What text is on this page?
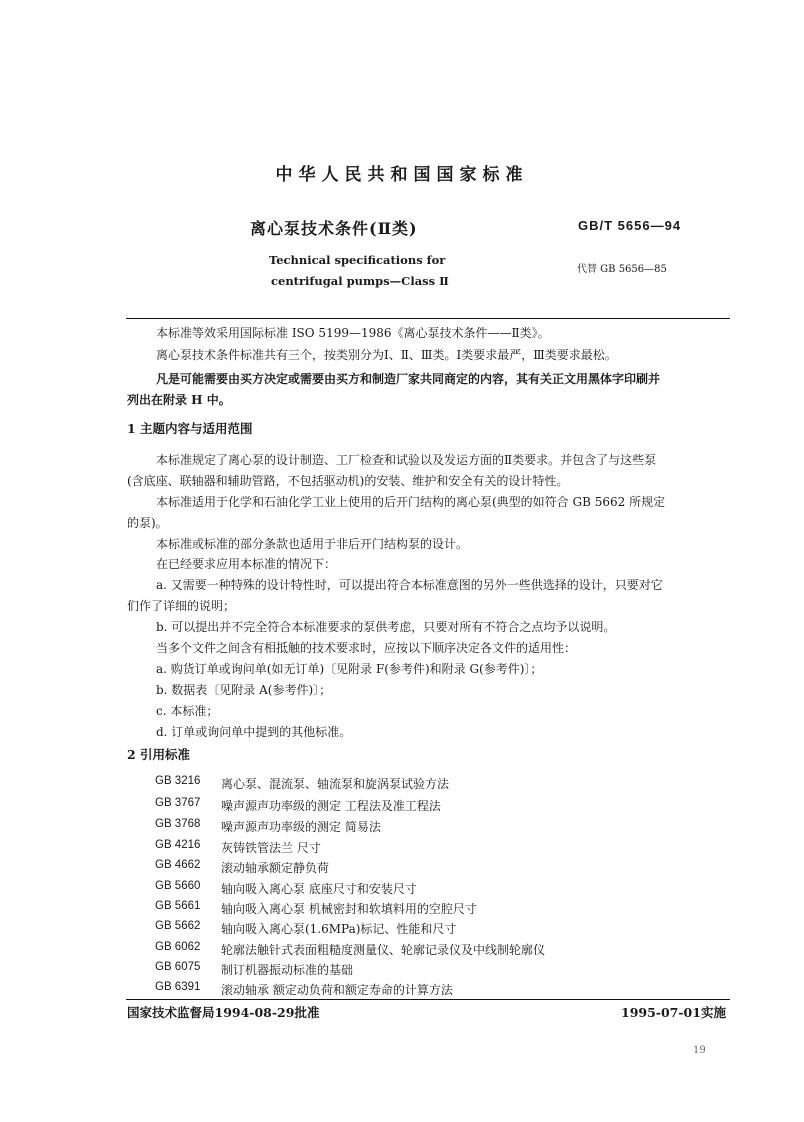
中华人民共和国国家标准
离心泵技术条件(Ⅱ类)	GB/T 5656—94
Technical specifications for
centrifugal pumps—Class Ⅱ
代替 GB 5656—85
本标准等效采用国际标准 ISO 5199—1986《离心泵技术条件——Ⅱ类》。
离心泵技术条件标准共有三个，按类别分为Ⅰ、Ⅱ、Ⅲ类。Ⅰ类要求最严，Ⅲ类要求最松。
凡是可能需要由买方决定或需要由买方和制造厂家共同商定的内容，其有关正文用黑体字印刷并
列出在附录 H 中。
1 主题内容与适用范围
本标准规定了离心泵的设计制造、工厂检查和试验以及发运方面的Ⅱ类要求。并包含了与这些泵
(含底座、联轴器和辅助管路，不包括驱动机)的安装、维护和安全有关的设计特性。
本标准适用于化学和石油化学工业上使用的后开门结构的离心泵(典型的如符合 GB 5662 所规定
的泵)。
本标准或标准的部分条款也适用于非后开门结构泵的设计。
在已经要求应用本标准的情况下：
a. 又需要一种特殊的设计特性时，可以提出符合本标准意图的另外一些供选择的设计，只要对它
们作了详细的说明；
b. 可以提出并不完全符合本标准要求的泵供考虑，只要对所有不符合之点均予以说明。
当多个文件之间含有相抵触的技术要求时，应按以下顺序决定各文件的适用性：
a. 购货订单或询问单(如无订单)〔见附录 F(参考件)和附录 G(参考件)〕；
b. 数据表〔见附录 A(参考件)〕；
c. 本标准；
d. 订单或询问单中提到的其他标准。
2 引用标准
GB 3216 离心泵、混流泵、轴流泵和旋涡泵试验方法
GB 3767 噪声源声功率级的测定 工程法及准工程法
GB 3768 噪声源声功率级的测定 简易法
GB 4216 灰铸铁管法兰 尺寸
GB 4662 滚动轴承额定静负荷
GB 5660 轴向吸入离心泵 底座尺寸和安装尺寸
GB 5661 轴向吸入离心泵 机械密封和软填料用的空腔尺寸
GB 5662 轴向吸入离心泵(1.6MPa)标记、性能和尺寸
GB 6062 轮廓法触针式表面粗糙度测量仪、轮廓记录仪及中线制轮廓仪
GB 6075 制订机器振动标准的基础
GB 6391 滚动轴承 额定动负荷和额定寿命的计算方法
国家技术监督局1994-08-29批准	1995-07-01实施
19
